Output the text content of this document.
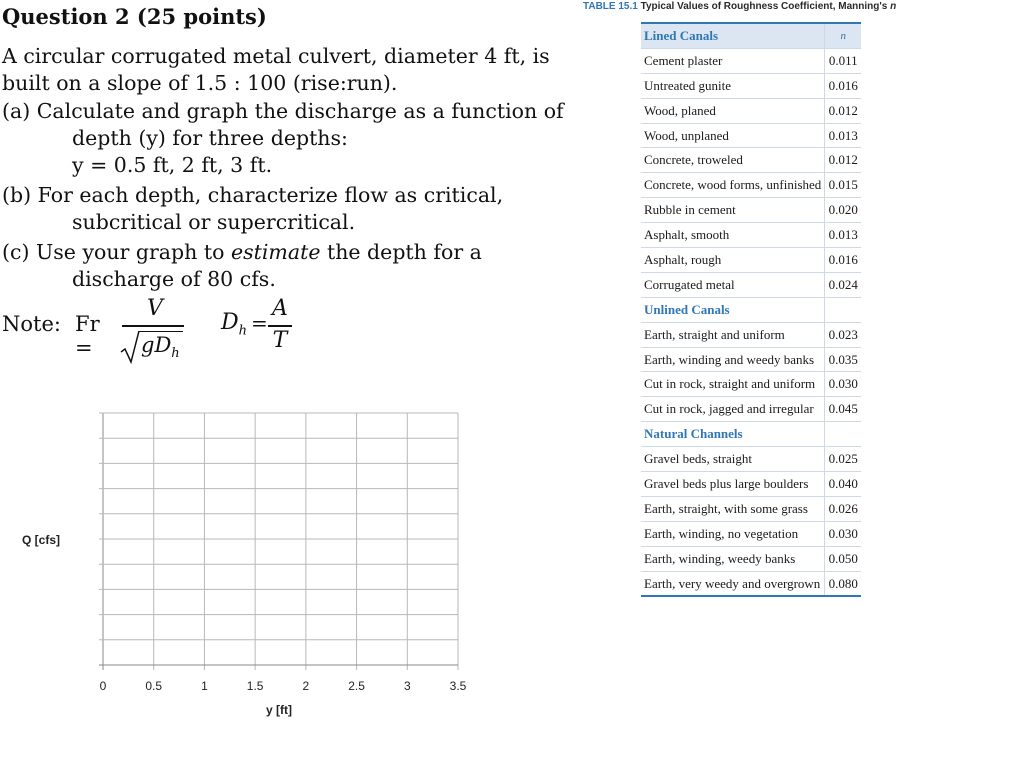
Question 2 (25 points)
A circular corrugated metal culvert, diameter 4 ft, is
built on a slope of 1.5 : 100 (rise:run).
(a) Calculate and graph the discharge as a function of
depth (y) for three depths:
y = 0.5 ft, 2 ft, 3 ft.
(b) For each depth, characterize flow as critical,
subcritical or supercritical.
(c) Use your graph to estimate the depth for a
discharge of 80 cfs.
Note: Fr =
V
$gD_h$
$D_h$ =
A
T
Q [cfs]
y [ft]
0	0.5	1	1.5	2	2.5	3	3.5
TABLE 15.1 Typical Values of Roughness Coefficient, Manning's n
Lined Canals	n
Cement plaster	0.011
Untreated gunite	0.016
Wood, planed	0.012
Wood, unplaned	0.013
Concrete, troweled	0.012
Concrete, wood forms, unfinished	0.015
Rubble in cement	0.020
Asphalt, smooth	0.013
Asphalt, rough	0.016
Corrugated metal	0.024
Unlined Canals	
Earth, straight and uniform	0.023
Earth, winding and weedy banks	0.035
Cut in rock, straight and uniform	0.030
Cut in rock, jagged and irregular	0.045
Natural Channels	
Gravel beds, straight	0.025
Gravel beds plus large boulders	0.040
Earth, straight, with some grass	0.026
Earth, winding, no vegetation	0.030
Earth, winding, weedy banks	0.050
Earth, very weedy and overgrown	0.080
